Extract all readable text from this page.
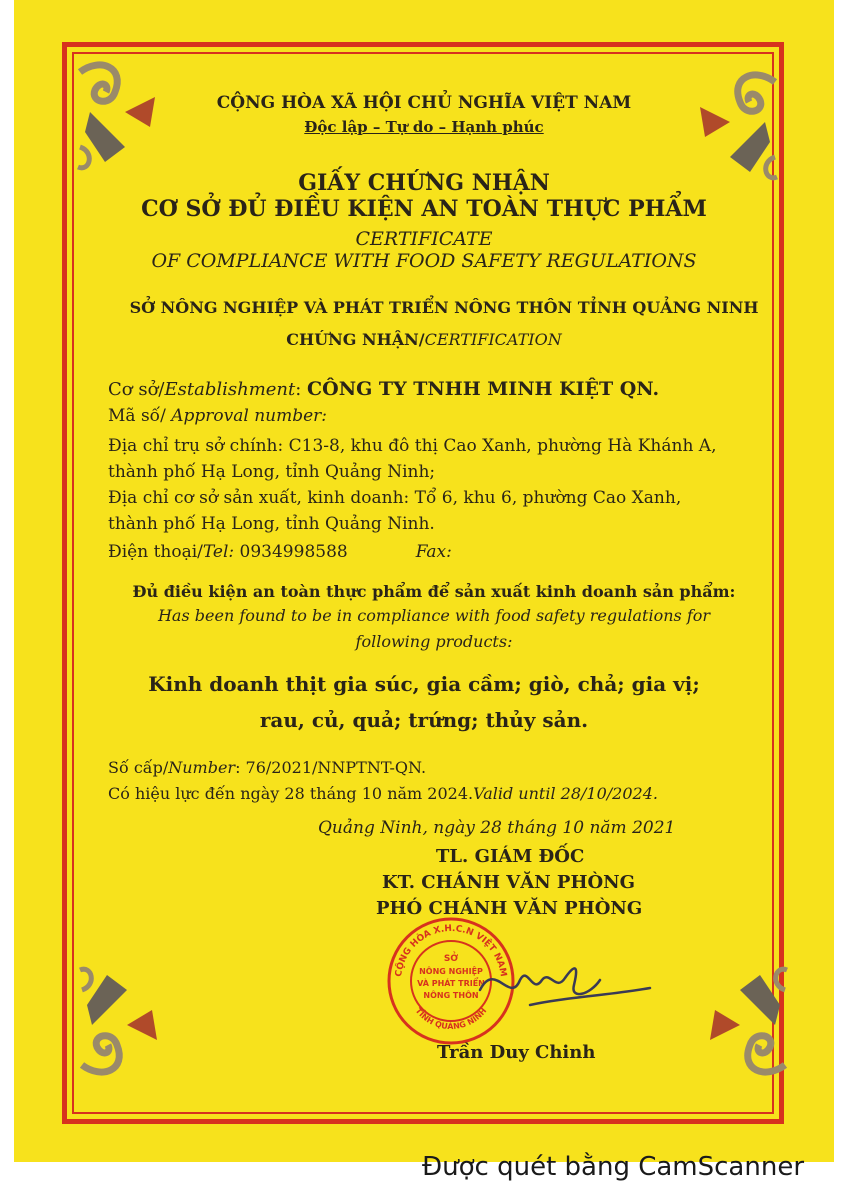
CỘNG HÒA XÃ HỘI CHỦ NGHĨA VIỆT NAM
Độc lập – Tự do – Hạnh phúc
GIẤY CHỨNG NHẬN
CƠ SỞ ĐỦ ĐIỀU KIỆN AN TOÀN THỰC PHẨM
CERTIFICATE
OF COMPLIANCE WITH FOOD SAFETY REGULATIONS
SỞ NÔNG NGHIỆP VÀ PHÁT TRIỂN NÔNG THÔN TỈNH QUẢNG NINH
CHỨNG NHẬN/CERTIFICATION
Cơ sở/Establishment: CÔNG TY TNHH MINH KIỆT QN.
Mã số/ Approval number:
Địa chỉ trụ sở chính: C13-8, khu đô thị Cao Xanh, phường Hà Khánh A,
thành phố Hạ Long, tỉnh Quảng Ninh;
Địa chỉ cơ sở sản xuất, kinh doanh: Tổ 6, khu 6, phường Cao Xanh,
thành phố Hạ Long, tỉnh Quảng Ninh.
Điện thoại/Tel: 0934998588	Fax:
Đủ điều kiện an toàn thực phẩm để sản xuất kinh doanh sản phẩm:
Has been found to be in compliance with food safety regulations for
following products:
Kinh doanh thịt gia súc, gia cầm; giò, chả; gia vị;
rau, củ, quả; trứng; thủy sản.
Số cấp/Number: 76/2021/NNPTNT-QN.
Có hiệu lực đến ngày 28 tháng 10 năm 2024.Valid until 28/10/2024.
Quảng Ninh, ngày 28 tháng 10 năm 2021
TL. GIÁM ĐỐC
KT. CHÁNH VĂN PHÒNG
PHÓ CHÁNH VĂN PHÒNG
CỘNG HÒA X.H.C.N VIỆT NAM
TỈNH QUẢNG NINH
SỞ
NÔNG NGHIỆP
VÀ PHÁT TRIỂN
NÔNG THÔN
Trần Duy Chinh
Được quét bằng CamScanner
